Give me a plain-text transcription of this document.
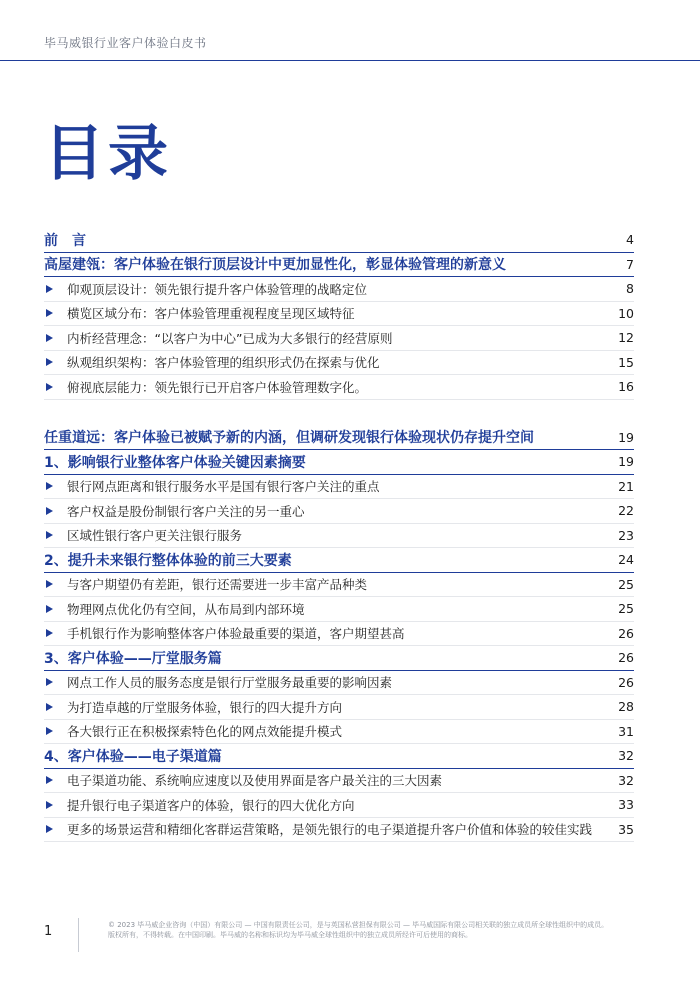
毕马威银行业客户体验白皮书
目录
前　言	4
高屋建瓴：客户体验在银行顶层设计中更加显性化，彰显体验管理的新意义	7
仰观顶层设计：领先银行提升客户体验管理的战略定位	8
横览区域分布：客户体验管理重视程度呈现区域特征	10
内析经营理念：“以客户为中心”已成为大多银行的经营原则	12
纵观组织架构：客户体验管理的组织形式仍在探索与优化	15
俯视底层能力：领先银行已开启客户体验管理数字化。	16
任重道远：客户体验已被赋予新的内涵，但调研发现银行体验现状仍存提升空间	19
1、影响银行业整体客户体验关键因素摘要	19
银行网点距离和银行服务水平是国有银行客户关注的重点	21
客户权益是股份制银行客户关注的另一重心	22
区域性银行客户更关注银行服务	23
2、提升未来银行整体体验的前三大要素	24
与客户期望仍有差距，银行还需要进一步丰富产品种类	25
物理网点优化仍有空间，从布局到内部环境	25
手机银行作为影响整体客户体验最重要的渠道，客户期望甚高	26
3、客户体验——厅堂服务篇	26
网点工作人员的服务态度是银行厅堂服务最重要的影响因素	26
为打造卓越的厅堂服务体验，银行的四大提升方向	28
各大银行正在积极探索特色化的网点效能提升模式	31
4、客户体验——电子渠道篇	32
电子渠道功能、系统响应速度以及使用界面是客户最关注的三大因素	32
提升银行电子渠道客户的体验，银行的四大优化方向	33
更多的场景运营和精细化客群运营策略，是领先银行的电子渠道提升客户价值和体验的较佳实践	35
1	© 2023 毕马威企业咨询（中国）有限公司 — 中国有限责任公司，是与英国私营担保有限公司 — 毕马威国际有限公司相关联的独立成员所全球性组织中的成员。
版权所有，不得转载。在中国印刷。毕马威的名称和标识均为毕马威全球性组织中的独立成员所经许可后使用的商标。
